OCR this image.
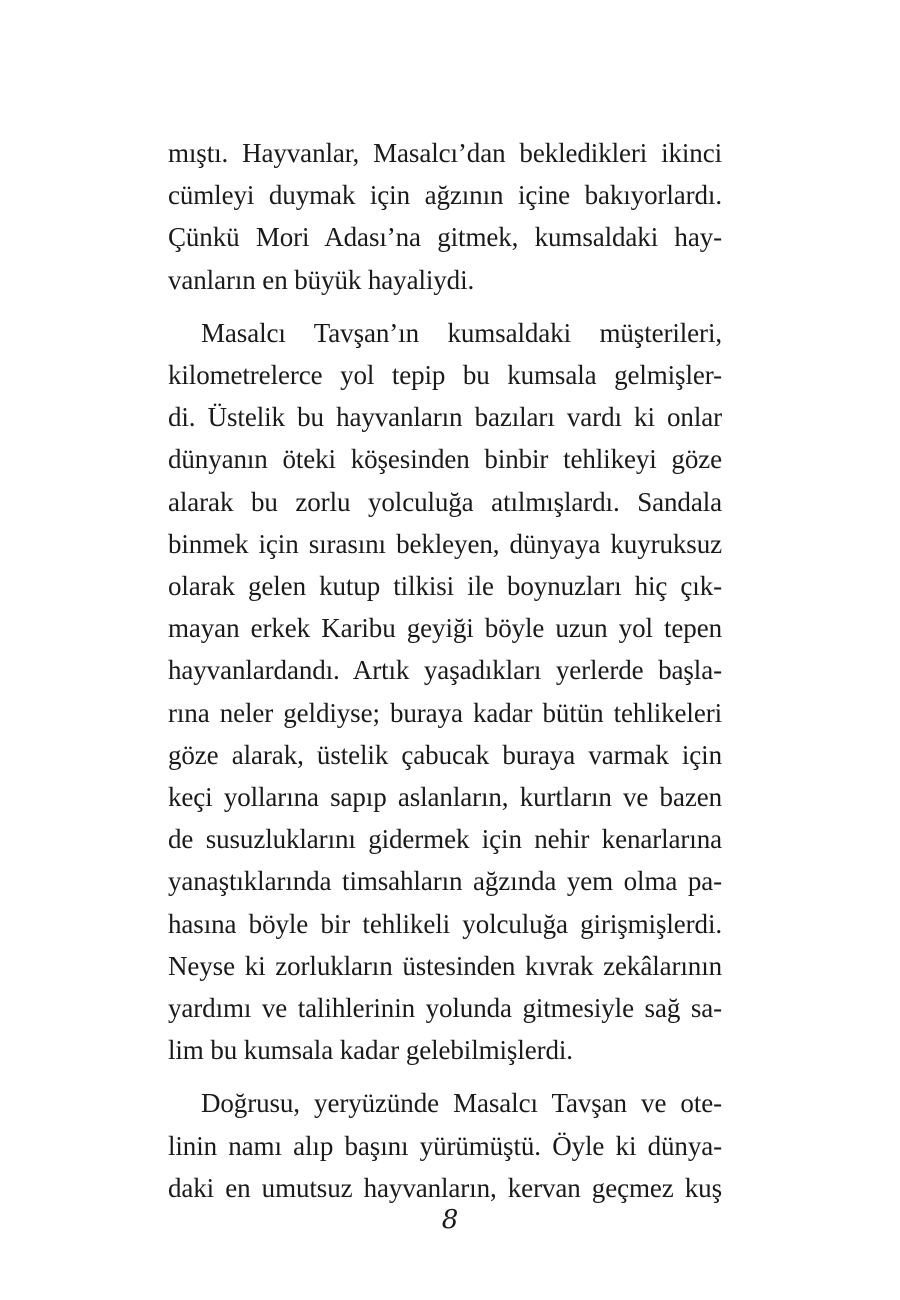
mıştı. Hayvanlar, Masalcı’dan bekledikleri ikinci
cümleyi duymak için ağzının içine bakıyorlardı.
Çünkü Mori Adası’na gitmek, kumsaldaki hay-
vanların en büyük hayaliydi.

Masalcı Tavşan’ın kumsaldaki müşterileri,
kilometrelerce yol tepip bu kumsala gelmişler-
di. Üstelik bu hayvanların bazıları vardı ki onlar
dünyanın öteki köşesinden binbir tehlikeyi göze
alarak bu zorlu yolculuğa atılmışlardı. Sandala
binmek için sırasını bekleyen, dünyaya kuyruksuz
olarak gelen kutup tilkisi ile boynuzları hiç çık-
mayan erkek Karibu geyiği böyle uzun yol tepen
hayvanlardandı. Artık yaşadıkları yerlerde başla-
rına neler geldiyse; buraya kadar bütün tehlikeleri
göze alarak, üstelik çabucak buraya varmak için
keçi yollarına sapıp aslanların, kurtların ve bazen
de susuzluklarını gidermek için nehir kenarlarına
yanaştıklarında timsahların ağzında yem olma pa-
hasına böyle bir tehlikeli yolculuğa girişmişlerdi.
Neyse ki zorlukların üstesinden kıvrak zekâlarının
yardımı ve talihlerinin yolunda gitmesiyle sağ sa-
lim bu kumsala kadar gelebilmişlerdi.

Doğrusu, yeryüzünde Masalcı Tavşan ve ote-
linin namı alıp başını yürümüştü. Öyle ki dünya-
daki en umutsuz hayvanların, kervan geçmez kuş

8
